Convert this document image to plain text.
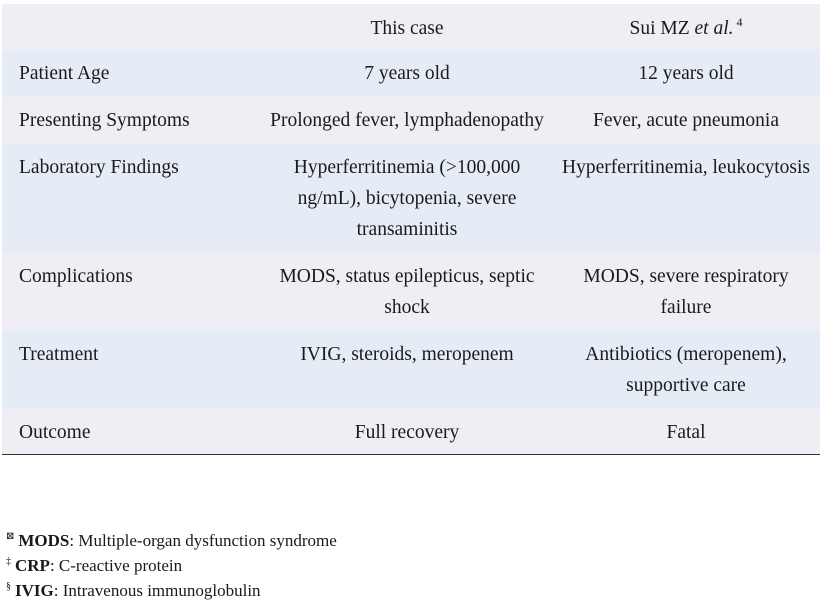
	This case	Sui MZ et al. $^4$
Patient Age	7 years old	12 years old
Presenting Symptoms	Prolonged fever, lymphadenopathy	Fever, acute pneumonia
Laboratory Findings	Hyperferritinemia (>100,000 ng/mL), bicytopenia, severe transaminitis	Hyperferritinemia, leukocytosis
Complications	MODS, status epilepticus, septic shock	MODS, severe respiratory failure
Treatment	IVIG, steroids, meropenem	Antibiotics (meropenem), supportive care
Outcome	Full recovery	Fatal
⊠ MODS: Multiple-organ dysfunction syndrome
‡ CRP: C-reactive protein
§ IVIG: Intravenous immunoglobulin
